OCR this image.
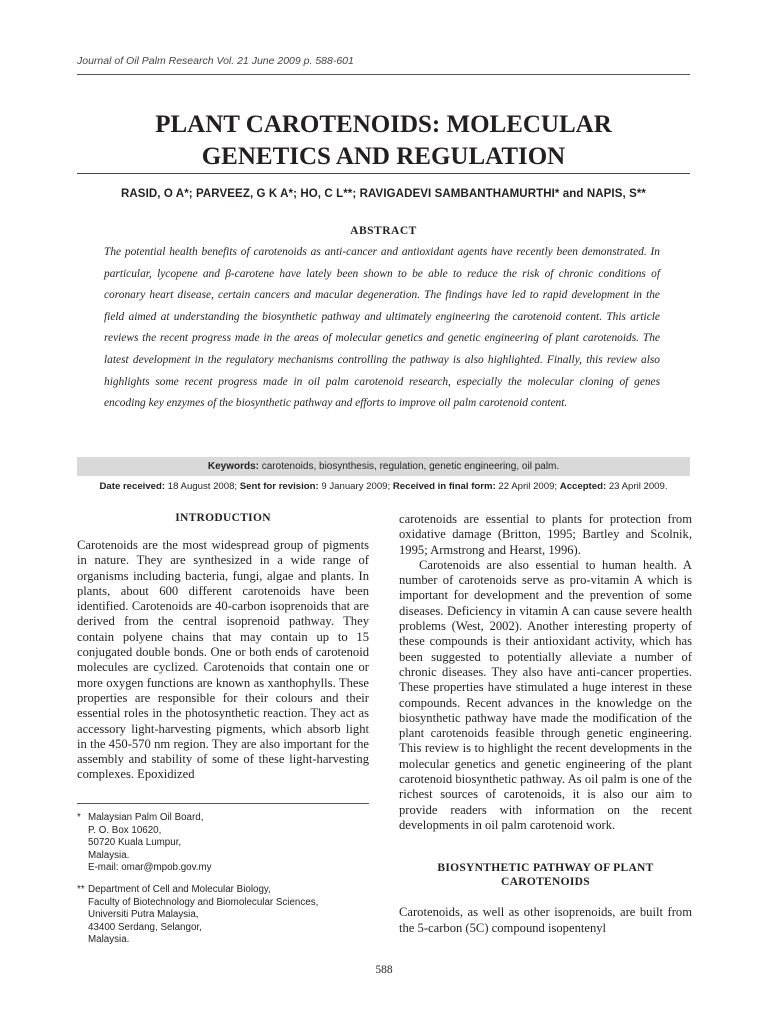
Journal of Oil Palm Research Vol. 21 June 2009 p. 588-601
PLANT CAROTENOIDS: MOLECULAR
GENETICS AND REGULATION
RASID, O A*; PARVEEZ, G K A*; HO, C L**; RAVIGADEVI SAMBANTHAMURTHI* and NAPIS, S**
ABSTRACT

The potential health benefits of carotenoids as anti-cancer and antioxidant agents have recently been demonstrated. In particular, lycopene and β-carotene have lately been shown to be able to reduce the risk of chronic conditions of coronary heart disease, certain cancers and macular degeneration. The findings have led to rapid development in the field aimed at understanding the biosynthetic pathway and ultimately engineering the carotenoid content. This article reviews the recent progress made in the areas of molecular genetics and genetic engineering of plant carotenoids. The latest development in the regulatory mechanisms controlling the pathway is also highlighted. Finally, this review also highlights some recent progress made in oil palm carotenoid research, especially the molecular cloning of genes encoding key enzymes of the biosynthetic pathway and efforts to improve oil palm carotenoid content.

Keywords: carotenoids, biosynthesis, regulation, genetic engineering, oil palm.
Date received: 18 August 2008; Sent for revision: 9 January 2009; Received in final form: 22 April 2009; Accepted: 23 April 2009.
INTRODUCTION

Carotenoids are the most widespread group of pigments in nature. They are synthesized in a wide range of organisms including bacteria, fungi, algae and plants. In plants, about 600 different carotenoids have been identified. Carotenoids are 40-carbon isoprenoids that are derived from the central isoprenoid pathway. They contain polyene chains that may contain up to 15 conjugated double bonds. One or both ends of carotenoid molecules are cyclized. Carotenoids that contain one or more oxygen functions are known as xanthophylls. These properties are responsible for their colours and their essential roles in the photosynthetic reaction. They act as accessory light-harvesting pigments, which absorb light in the 450-570 nm region. They are also important for the assembly and stability of some of these light-harvesting complexes. Epoxidized

* Malaysian Palm Oil Board,
P. O. Box 10620,
50720 Kuala Lumpur,
Malaysia.
E-mail: omar@mpob.gov.my
** Department of Cell and Molecular Biology,
Faculty of Biotechnology and Biomolecular Sciences,
Universiti Putra Malaysia,
43400 Serdang, Selangor,
Malaysia.

carotenoids are essential to plants for protection from oxidative damage (Britton, 1995; Bartley and Scolnik, 1995; Armstrong and Hearst, 1996).

Carotenoids are also essential to human health. A number of carotenoids serve as pro-vitamin A which is important for development and the prevention of some diseases. Deficiency in vitamin A can cause severe health problems (West, 2002). Another interesting property of these compounds is their antioxidant activity, which has been suggested to potentially alleviate a number of chronic diseases. They also have anti-cancer properties. These properties have stimulated a huge interest in these compounds. Recent advances in the knowledge on the biosynthetic pathway have made the modification of the plant carotenoids feasible through genetic engineering. This review is to highlight the recent developments in the molecular genetics and genetic engineering of the plant carotenoid biosynthetic pathway. As oil palm is one of the richest sources of carotenoids, it is also our aim to provide readers with information on the recent developments in oil palm carotenoid work.

BIOSYNTHETIC PATHWAY OF PLANT
CAROTENOIDS

Carotenoids, as well as other isoprenoids, are built from the 5-carbon (5C) compound isopentenyl

588
